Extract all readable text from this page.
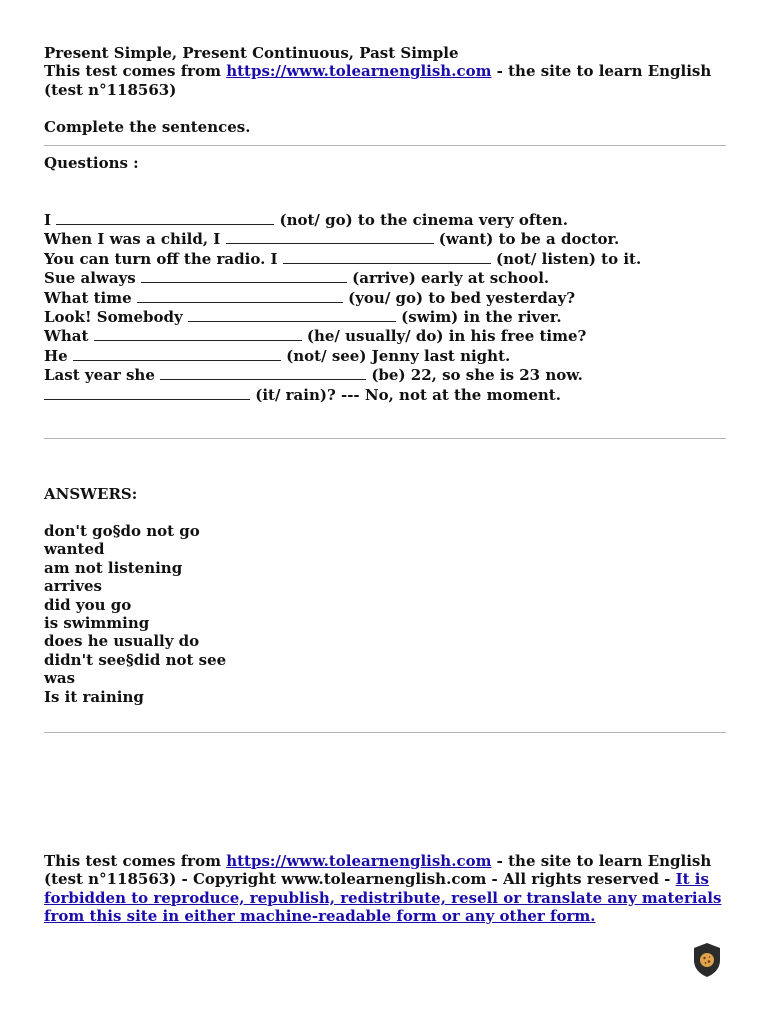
Present Simple, Present Continuous, Past Simple
This test comes from https://www.tolearnenglish.com - the site to learn English (test n°118563)
Complete the sentences.
Questions :
I	(not/ go) to the cinema very often.
When I was a child, I	(want) to be a doctor.
You can turn off the radio. I	(not/ listen) to it.
Sue always	(arrive) early at school.
What time	(you/ go) to bed yesterday?
Look! Somebody	(swim) in the river.
What	(he/ usually/ do) in his free time?
He	(not/ see) Jenny last night.
Last year she	(be) 22, so she is 23 now.
(it/ rain)? --- No, not at the moment.
ANSWERS:
don't go§do not go
wanted
am not listening
arrives
did you go
is swimming
does he usually do
didn't see§did not see
was
Is it raining
This test comes from https://www.tolearnenglish.com - the site to learn English (test n°118563) - Copyright www.tolearnenglish.com - All rights reserved - It is forbidden to reproduce, republish, redistribute, resell or translate any materials from this site in either machine-readable form or any other form.
